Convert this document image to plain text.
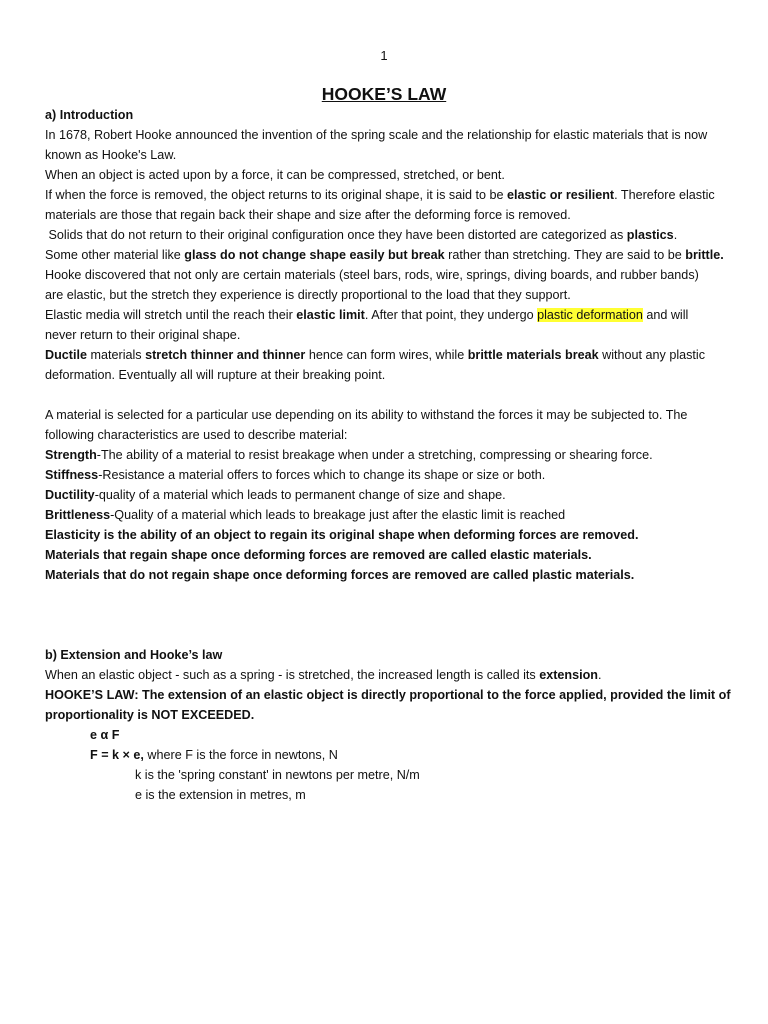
1
HOOKE’S LAW
a) Introduction
In 1678, Robert Hooke announced the invention of the spring scale and the relationship for elastic materials that is now
known as Hooke's Law.
When an object is acted upon by a force, it can be compressed, stretched, or bent.
If when the force is removed, the object returns to its original shape, it is said to be elastic or resilient. Therefore elastic
materials are those that regain back their shape and size after the deforming force is removed.
Solids that do not return to their original configuration once they have been distorted are categorized as plastics.
Some other material like glass do not change shape easily but break rather than stretching. They are said to be brittle.
Hooke discovered that not only are certain materials (steel bars, rods, wire, springs, diving boards, and rubber bands)
are elastic, but the stretch they experience is directly proportional to the load that they support.
Elastic media will stretch until the reach their elastic limit. After that point, they undergo plastic deformation and will
never return to their original shape.
Ductile materials stretch thinner and thinner hence can form wires, while brittle materials break without any plastic
deformation. Eventually all will rupture at their breaking point.
A material is selected for a particular use depending on its ability to withstand the forces it may be subjected to. The
following characteristics are used to describe material:
Strength-The ability of a material to resist breakage when under a stretching, compressing or shearing force.
Stiffness-Resistance a material offers to forces which to change its shape or size or both.
Ductility-quality of a material which leads to permanent change of size and shape.
Brittleness-Quality of a material which leads to breakage just after the elastic limit is reached
Elasticity is the ability of an object to regain its original shape when deforming forces are removed.
Materials that regain shape once deforming forces are removed are called elastic materials.
Materials that do not regain shape once deforming forces are removed are called plastic materials.
b) Extension and Hooke’s law
When an elastic object - such as a spring - is stretched, the increased length is called its extension.
HOOKE’S LAW: The extension of an elastic object is directly proportional to the force applied, provided the limit of
proportionality is NOT EXCEEDED.
e α F
F = k × e, where F is the force in newtons, N
k is the 'spring constant' in newtons per metre, N/m
e is the extension in metres, m
